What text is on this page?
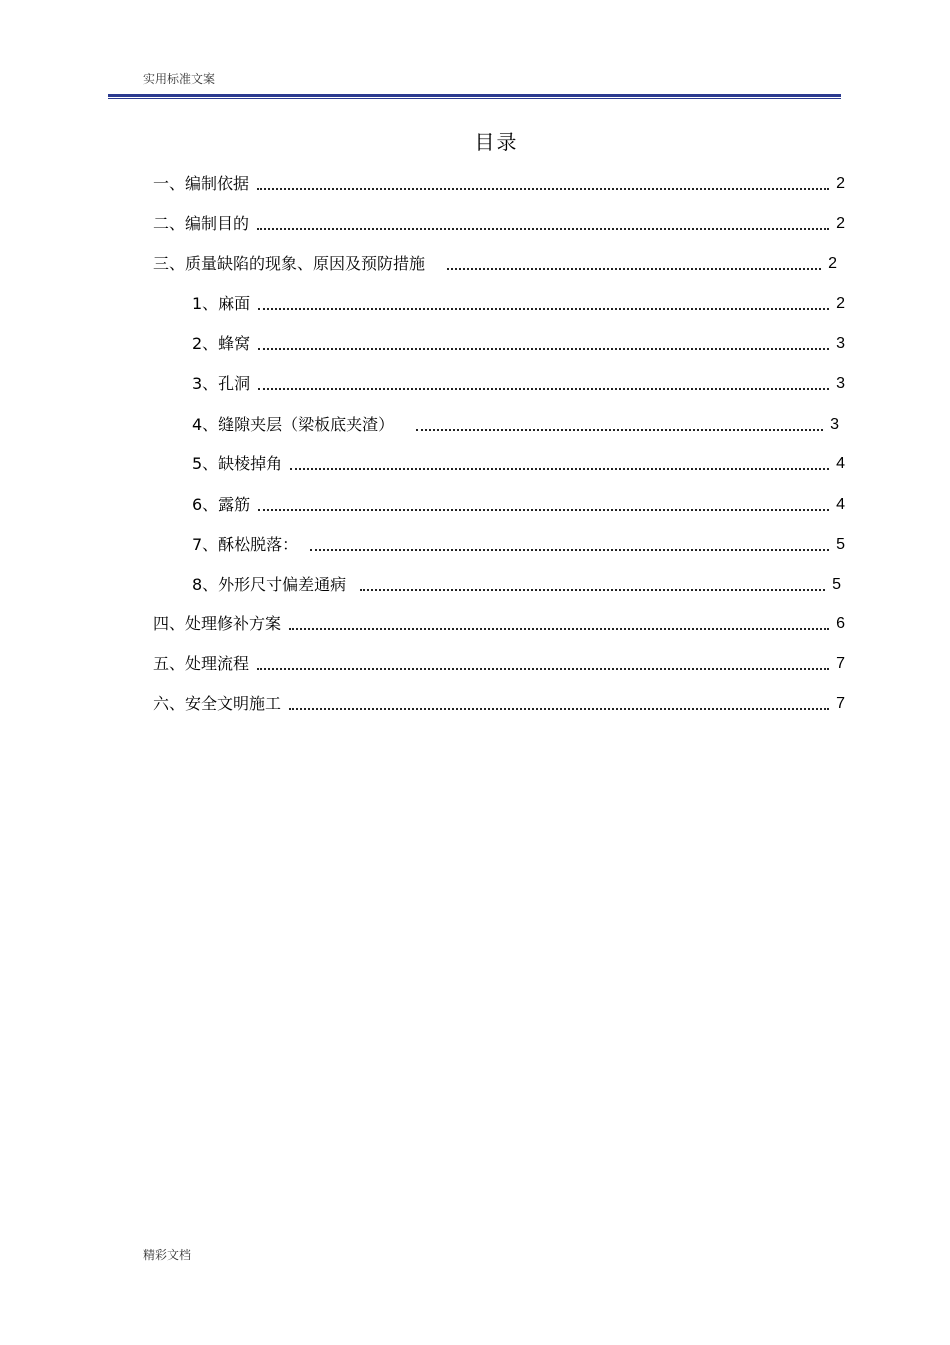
实用标准文案
目录
一、编制依据	2
二、编制目的	2
三、质量缺陷的现象、原因及预防措施	2
1、麻面	2
2、蜂窝	3
3、孔洞	3
4、缝隙夹层（梁板底夹渣）	3
5、缺棱掉角	4
6、露筋	4
7、酥松脱落：	5
8、外形尺寸偏差通病	5
四、处理修补方案	6
五、处理流程	7
六、安全文明施工	7
精彩文档
